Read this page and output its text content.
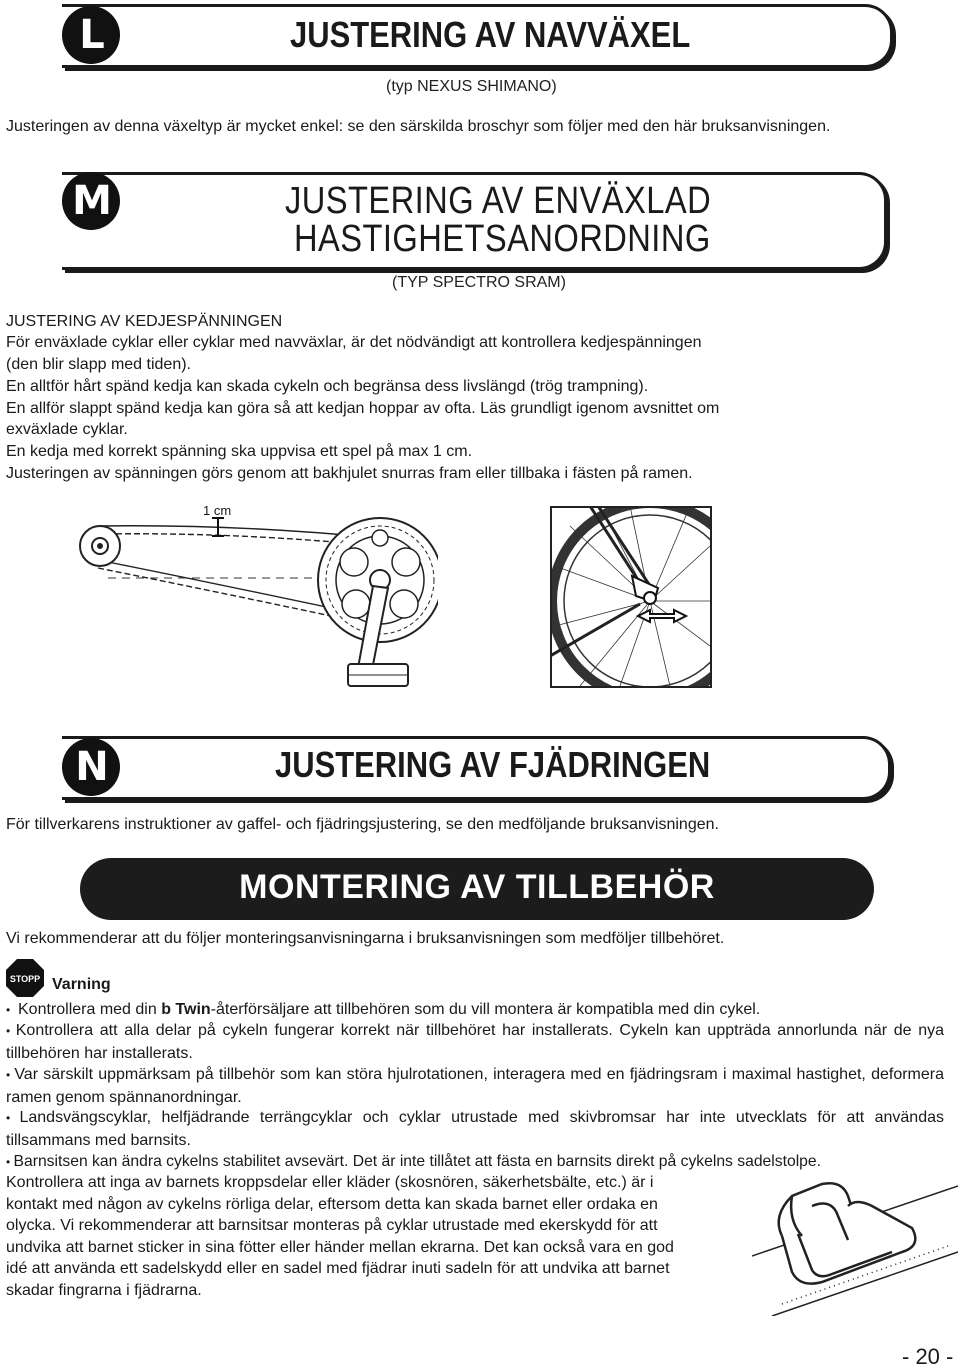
L	JUSTERING AV NAVVÄXEL
(typ NEXUS SHIMANO)
Justeringen av denna växeltyp är mycket enkel: se den särskilda broschyr som följer med den här bruksanvisningen.
M	JUSTERING AV ENVÄXLAD
HASTIGHETSANORDNING
(TYP SPECTRO SRAM)
JUSTERING AV KEDJESPÄNNINGEN
För enväxlade cyklar eller cyklar med navväxlar, är det nödvändigt att kontrollera kedjespänningen
(den blir slapp med tiden).
En alltför hårt spänd kedja kan skada cykeln och begränsa dess livslängd (trög trampning).
En allför slappt spänd kedja kan göra så att kedjan hoppar av ofta. Läs grundligt igenom avsnittet om
exväxlade cyklar.
En kedja med korrekt spänning ska uppvisa ett spel på max 1 cm.
Justeringen av spänningen görs genom att bakhjulet snurras fram eller tillbaka i fästen på ramen.
1 cm
N	JUSTERING AV FJÄDRINGEN
För tillverkarens instruktioner av gaffel- och fjädringsjustering, se den medföljande bruksanvisningen.
MONTERING AV TILLBEHÖR
Vi rekommenderar att du följer monteringsanvisningarna i bruksanvisningen som medföljer tillbehöret.
STOPP Varning
• Kontrollera med din b Twin-återförsäljare att tillbehören som du vill montera är kompatibla med din cykel.
• Kontrollera att alla delar på cykeln fungerar korrekt när tillbehöret har installerats. Cykeln kan uppträda annorlunda när de nya tillbehören har installerats.
• Var särskilt uppmärksam på tillbehör som kan störa hjulrotationen, interagera med en fjädringsram i maximal hastighet, deformera ramen genom spännanordningar.
• Landsvängscyklar, helfjädrande terrängcyklar och cyklar utrustade med skivbromsar har inte utvecklats för att användas tillsammans med barnsits.
• Barnsitsen kan ändra cykelns stabilitet avsevärt. Det är inte tillåtet att fästa en barnsits direkt på cykelns sadelstolpe.
Kontrollera att inga av barnets kroppsdelar eller kläder (skosnören, säkerhetsbälte, etc.) är i
kontakt med någon av cykelns rörliga delar, eftersom detta kan skada barnet eller ordaka en
olycka. Vi rekommenderar att barnsitsar monteras på cyklar utrustade med ekerskydd för att
undvika att barnet sticker in sina fötter eller händer mellan ekrarna. Det kan också vara en god
idé att använda ett sadelskydd eller en sadel med fjädrar inuti sadeln för att undvika att barnet
skadar fingrarna i fjädrarna.
- 20 -
